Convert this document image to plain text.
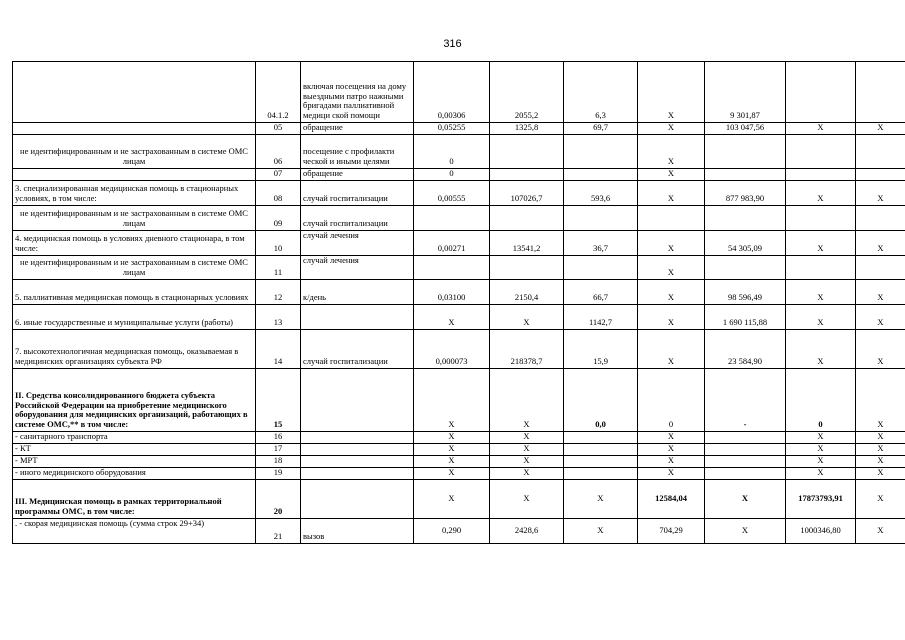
316
	04.1.2	включая посещения на дому выездными патро нажными бригадами паллиативной медици ской помощи	0,00306	2055,2	6,3	X	9 301,87		
	05	обращение	0,05255	1325,8	69,7	X	103 047,56	X	X
не идентифицированным и не застрахованным в системе ОМС лицам	06	посещение с профилакти ческой и иными целями	0			X			
	07	обращение	0			X			
3. специализированная медицинская помощь в стационарных условиях, в том числе:	08	случай госпитализации	0,00555	107026,7	593,6	X	877 983,90	X	X
не идентифицированным и не застрахованным в системе ОМС лицам	09	случай госпитализации							
4. медицинская помощь в условиях дневного стационара, в том числе:	10	случай лечения	0,00271	13541,2	36,7	X	54 305,09	X	X
не идентифицированным и не застрахованным в системе ОМС лицам	11	случай лечения				X			
5. паллиативная медицинская помощь в стационарных условиях	12	к/день	0,03100	2150,4	66,7	X	98 596,49	X	X
6. иные государственные и муниципальные услуги (работы)	13		X	X	1142,7	X	1 690 115,88	X	X
7. высокотехнологичная медицинская помощь, оказываемая в медицинских организациях субъекта РФ	14	случай госпитализации	0,000073	218378,7	15,9	X	23 584,90	X	X
II. Средства консолидированного бюджета субъекта Российской Федерации на приобретение медицинского оборудования для медицинских организаций, работающих в системе ОМС,** в том числе:	15		X	X	0,0	0	-	0	X
- санитарного транспорта	16		X	X		X		X	X
- КТ	17		X	X		X		X	X
- МРТ	18		X	X		X		X	X
- иного медицинского оборудования	19		X	X		X		X	X
III. Медицинская помощь в рамках территориальной программы ОМС, в том числе:	20		X	X	X	12584,04	X	17873793,91	X
. - скорая медицинская помощь (сумма строк 29+34)	21	вызов	0,290	2428,6	X	704,29	X	1000346,80	X
